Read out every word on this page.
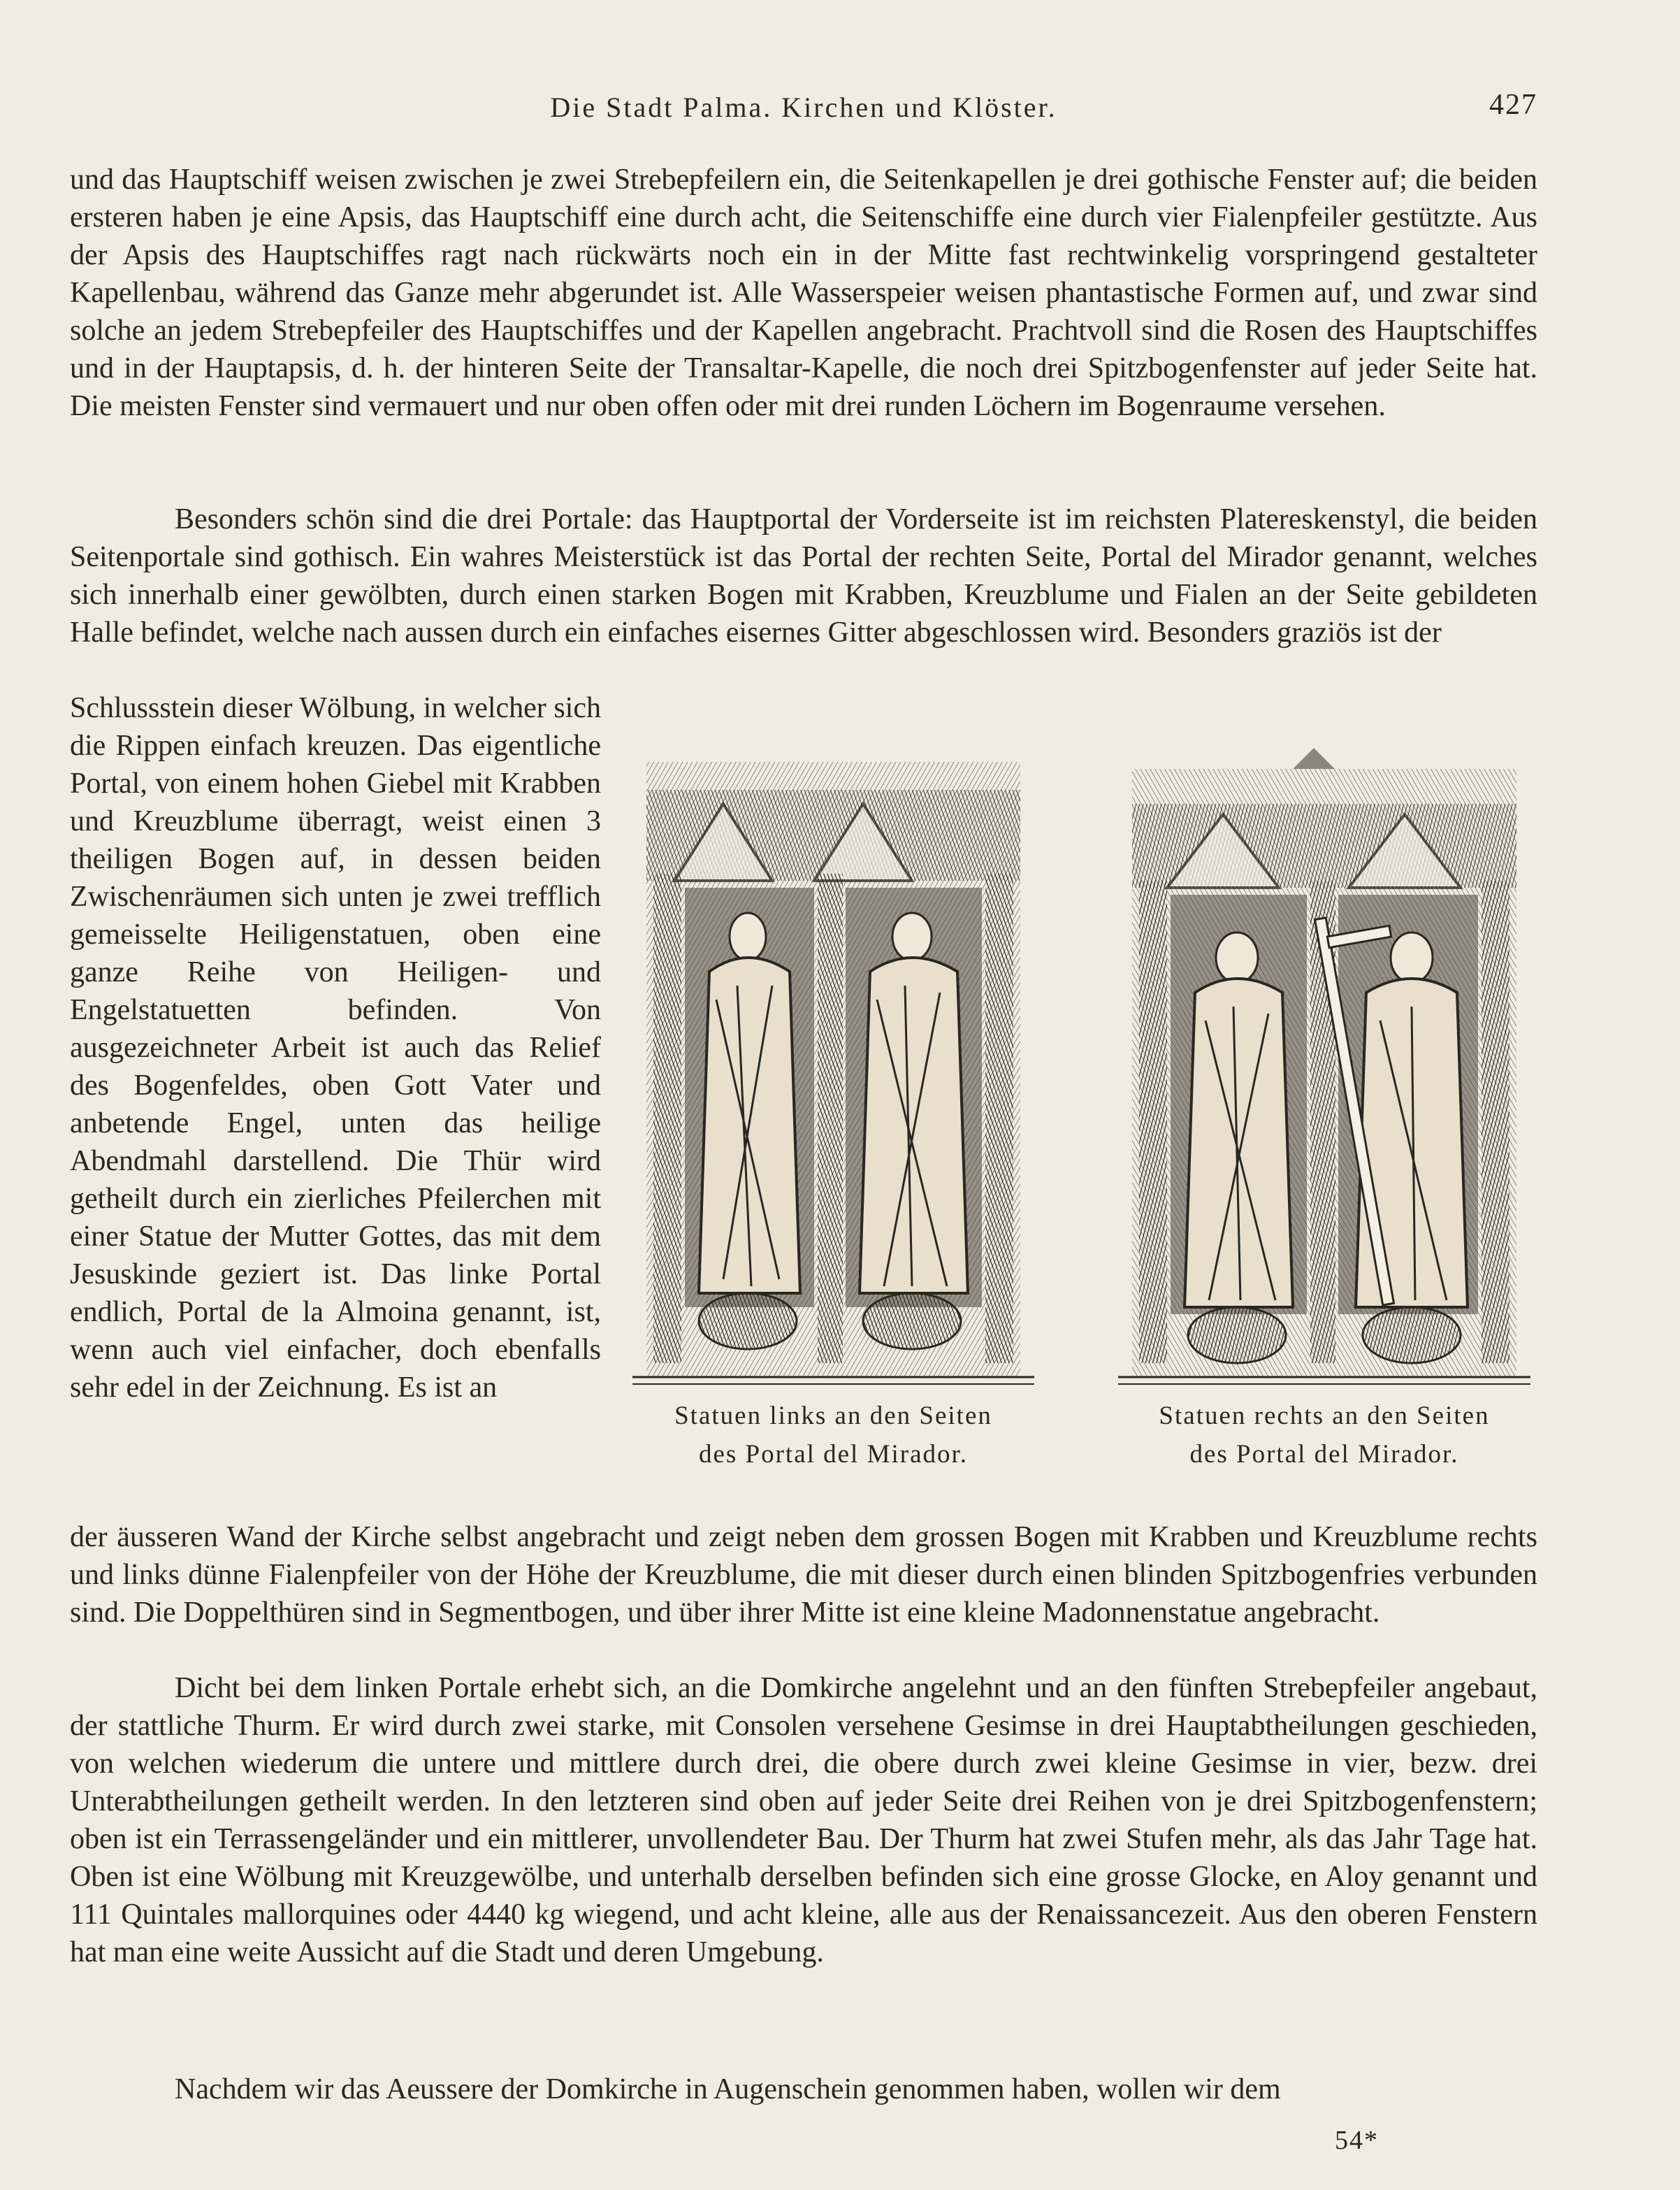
Die Stadt Palma. Kirchen und Klöster.	427

und das Hauptschiff weisen zwischen je zwei Strebepfeilern ein, die Seitenkapellen je drei gothische Fenster auf; die beiden ersteren haben je eine Apsis, das Hauptschiff eine durch acht, die Seitenschiffe eine durch vier Fialenpfeiler gestützte. Aus der Apsis des Hauptschiffes ragt nach rückwärts noch ein in der Mitte fast rechtwinkelig vorspringend gestalteter Kapellenbau, während das Ganze mehr abgerundet ist. Alle Wasserspeier weisen phantastische Formen auf, und zwar sind solche an jedem Strebepfeiler des Hauptschiffes und der Kapellen angebracht. Prachtvoll sind die Rosen des Hauptschiffes und in der Hauptapsis, d. h. der hinteren Seite der Transaltar-Kapelle, die noch drei Spitzbogenfenster auf jeder Seite hat. Die meisten Fenster sind vermauert und nur oben offen oder mit drei runden Löchern im Bogenraume versehen.

Besonders schön sind die drei Portale: das Hauptportal der Vorderseite ist im reichsten Platereskenstyl, die beiden Seitenportale sind gothisch. Ein wahres Meisterstück ist das Portal der rechten Seite, Portal del Mirador genannt, welches sich innerhalb einer gewölbten, durch einen starken Bogen mit Krabben, Kreuzblume und Fialen an der Seite gebildeten Halle befindet, welche nach aussen durch ein einfaches eisernes Gitter abgeschlossen wird. Besonders graziös ist der

Schlussstein dieser Wölbung, in welcher sich die Rippen einfach kreuzen. Das eigentliche Portal, von einem hohen Giebel mit Krabben und Kreuzblume überragt, weist einen 3 theiligen Bogen auf, in dessen beiden Zwischenräumen sich unten je zwei trefflich gemeisselte Heiligenstatuen, oben eine ganze Reihe von Heiligen- und Engelstatuetten befinden. Von ausgezeichneter Arbeit ist auch das Relief des Bogenfeldes, oben Gott Vater und anbetende Engel, unten das heilige Abendmahl darstellend. Die Thür wird getheilt durch ein zierliches Pfeilerchen mit einer Statue der Mutter Gottes, das mit dem Jesuskinde geziert ist. Das linke Portal endlich, Portal de la Almoina genannt, ist, wenn auch viel einfacher, doch ebenfalls sehr edel in der Zeichnung. Es ist an

Statuen links an den Seiten
des Portal del Mirador.
Statuen rechts an den Seiten
des Portal del Mirador.

der äusseren Wand der Kirche selbst angebracht und zeigt neben dem grossen Bogen mit Krabben und Kreuzblume rechts und links dünne Fialenpfeiler von der Höhe der Kreuzblume, die mit dieser durch einen blinden Spitzbogenfries verbunden sind. Die Doppelthüren sind in Segmentbogen, und über ihrer Mitte ist eine kleine Madonnenstatue angebracht.

Dicht bei dem linken Portale erhebt sich, an die Domkirche angelehnt und an den fünften Strebepfeiler angebaut, der stattliche Thurm. Er wird durch zwei starke, mit Consolen versehene Gesimse in drei Hauptabtheilungen geschieden, von welchen wiederum die untere und mittlere durch drei, die obere durch zwei kleine Gesimse in vier, bezw. drei Unterabtheilungen getheilt werden. In den letzteren sind oben auf jeder Seite drei Reihen von je drei Spitzbogenfenstern; oben ist ein Terrassengeländer und ein mittlerer, unvollendeter Bau. Der Thurm hat zwei Stufen mehr, als das Jahr Tage hat. Oben ist eine Wölbung mit Kreuzgewölbe, und unterhalb derselben befinden sich eine grosse Glocke, en Aloy genannt und 111 Quintales mallorquines oder 4440 kg wiegend, und acht kleine, alle aus der Renaissancezeit. Aus den oberen Fenstern hat man eine weite Aussicht auf die Stadt und deren Umgebung.

Nachdem wir das Aeussere der Domkirche in Augenschein genommen haben, wollen wir dem

54*
